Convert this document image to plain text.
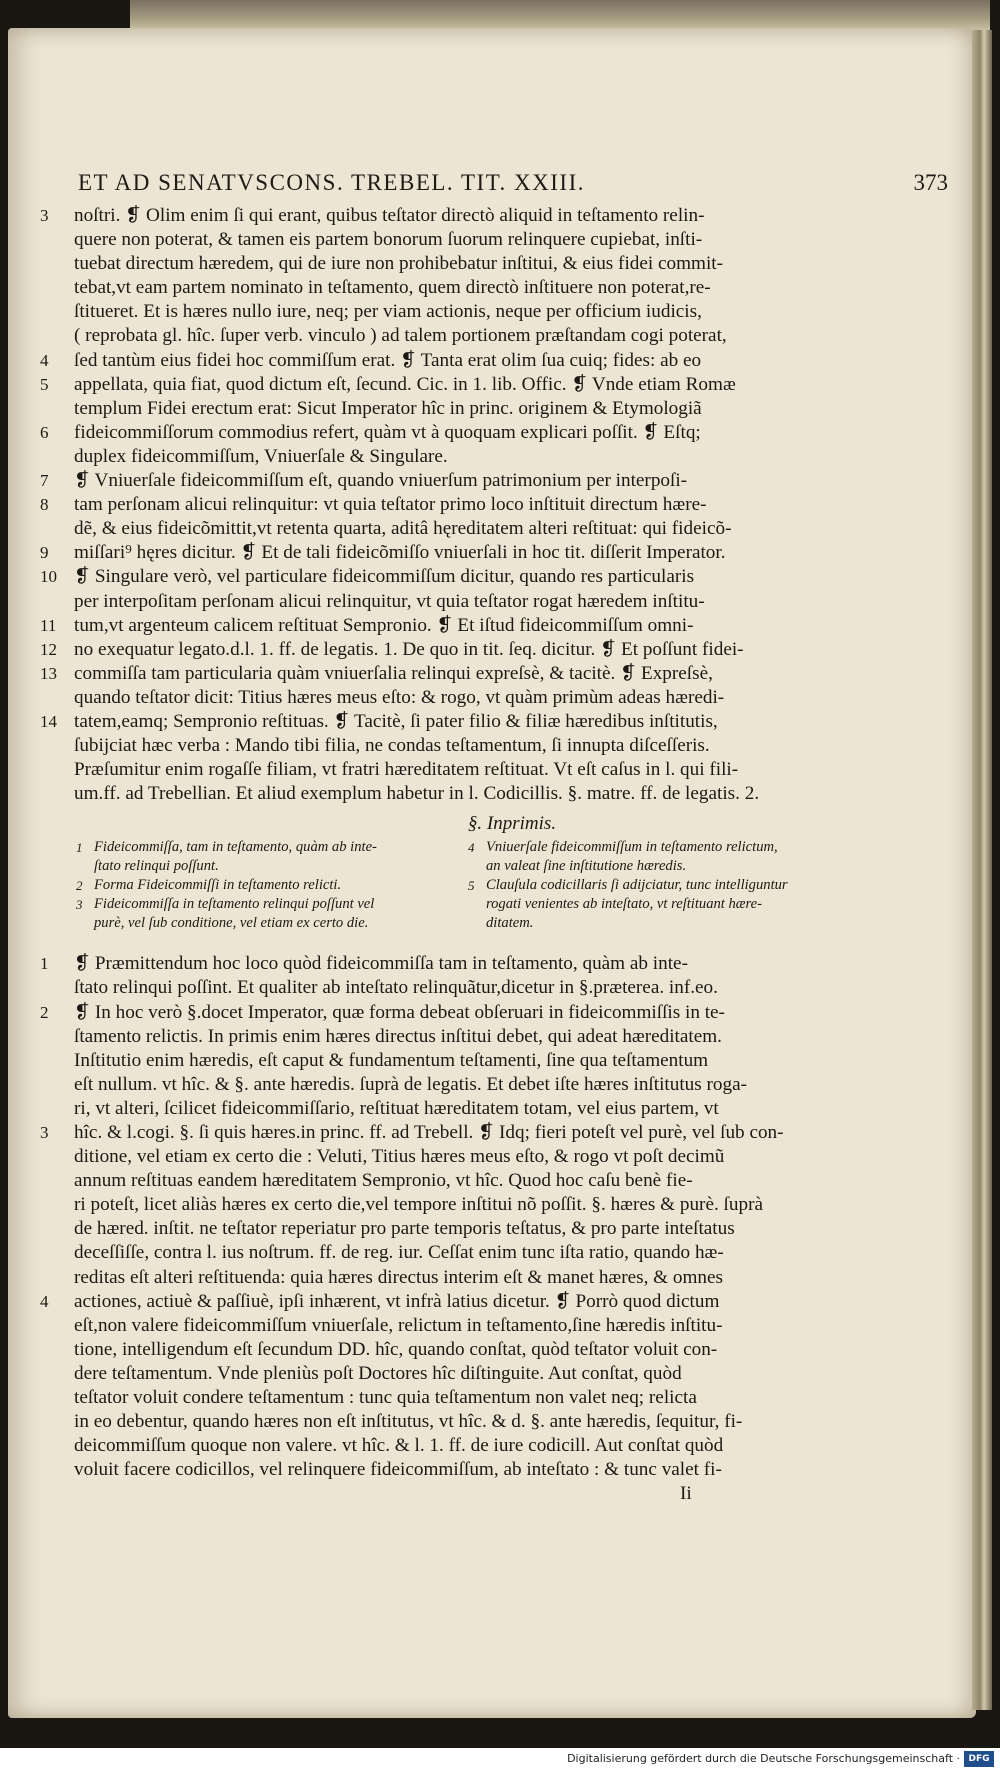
ET AD SENATVSCONS. TREBEL. TIT. XXIII.	373
3	noſtri. ❡ Olim enim ſi qui erant, quibus teſtator directò aliquid in teſtamento relin-
quere non poterat, & tamen eis partem bonorum ſuorum relinquere cupiebat, inſti-
tuebat directum hæredem, qui de iure non prohibebatur inſtitui, & eius fidei commit-
tebat,vt eam partem nominato in teſtamento, quem directò inſtituere non poterat,re-
ſtitueret. Et is hæres nullo iure, neq; per viam actionis, neque per officium iudicis,
( reprobata gl. hîc. ſuper verb. vinculo ) ad talem portionem præſtandam cogi poterat,
4	ſed tantùm eius fidei hoc commiſſum erat. ❡ Tanta erat olim ſua cuiq; fides: ab eo
5	appellata, quia fiat, quod dictum eſt, ſecund. Cic. in 1. lib. Offic. ❡ Vnde etiam Romæ
templum Fidei erectum erat: Sicut Imperator hîc in princ. originem & Etymologiã
6	fideicommiſſorum commodius refert, quàm vt à quoquam explicari poſſit. ❡ Eſtq;
duplex fideicommiſſum, Vniuerſale & Singulare.
7	❡ Vniuerſale fideicommiſſum eſt, quando vniuerſum patrimonium per interpoſi-
8	tam perſonam alicui relinquitur: vt quia teſtator primo loco inſtituit directum hære-
dẽ, & eius fideicõmittit,vt retenta quarta, aditâ hęreditatem alteri reſtituat: qui fideicõ-
9	miſſari⁹ hęres dicitur. ❡ Et de tali fideicõmiſſo vniuerſali in hoc tit. diſſerit Imperator.
10 ❡ Singulare verò, vel particulare fideicommiſſum dicitur, quando res particularis
per interpoſitam perſonam alicui relinquitur, vt quia teſtator rogat hæredem inſtitu-
11 tum,vt argenteum calicem reſtituat Sempronio. ❡ Et iſtud fideicommiſſum omni-
12 no exequatur legato.d.l. 1. ff. de legatis. 1. De quo in tit. ſeq. dicitur. ❡ Et poſſunt fidei-
13 commiſſa tam particularia quàm vniuerſalia relinqui expreſsè, & tacitè. ❡ Expreſsè,
quando teſtator dicit: Titius hæres meus eſto: & rogo, vt quàm primùm adeas hæredi-
14 tatem,eamq; Sempronio reſtituas. ❡ Tacitè, ſi pater filio & filiæ hæredibus inſtitutis,
ſubijciat hæc verba : Mando tibi filia, ne condas teſtamentum, ſi innupta diſceſſeris.
Præſumitur enim rogaſſe filiam, vt fratri hæreditatem reſtituat. Vt eſt caſus in l. qui fili-
um.ff. ad Trebellian. Et aliud exemplum habetur in l. Codicillis. §. matre. ff. de legatis. 2.
§. Inprimis.
1 Fideicommiſſa, tam in teſtamento, quàm ab inte-
ſtato relinqui poſſunt.
2 Forma Fideicommiſſi in teſtamento relicti.
3 Fideicommiſſa in teſtamento relinqui poſſunt vel
purè, vel ſub conditione, vel etiam ex certo die.
4 Vniuerſale fideicommiſſum in teſtamento relictum,
an valeat ſine inſtitutione hæredis.
5 Clauſula codicillaris ſi adijciatur, tunc intelliguntur
rogati venientes ab inteſtato, vt reſtituant hære-
ditatem.
1	❡ Præmittendum hoc loco quòd fideicommiſſa tam in teſtamento, quàm ab inte-
ſtato relinqui poſſint. Et qualiter ab inteſtato relinquãtur,dicetur in §.præterea. inf.eo.
2	❡ In hoc verò §.docet Imperator, quæ forma debeat obſeruari in fideicommiſſis in te-
ſtamento relictis. In primis enim hæres directus inſtitui debet, qui adeat hæreditatem.
Inſtitutio enim hæredis, eſt caput & fundamentum teſtamenti, ſine qua teſtamentum
eſt nullum. vt hîc. & §. ante hæredis. ſuprà de legatis. Et debet iſte hæres inſtitutus roga-
ri, vt alteri, ſcilicet fideicommiſſario, reſtituat hæreditatem totam, vel eius partem, vt
3	hîc. & l.cogi. §. ſi quis hæres.in princ. ff. ad Trebell. ❡ Idq; fieri poteſt vel purè, vel ſub con-
ditione, vel etiam ex certo die : Veluti, Titius hæres meus eſto, & rogo vt poſt decimũ
annum reſtituas eandem hæreditatem Sempronio, vt hîc. Quod hoc caſu benè fie-
ri poteſt, licet aliàs hæres ex certo die,vel tempore inſtitui nõ poſſit. §. hæres & purè. ſuprà
de hæred. inſtit. ne teſtator reperiatur pro parte temporis teſtatus, & pro parte inteſtatus
deceſſiſſe, contra l. ius noſtrum. ff. de reg. iur. Ceſſat enim tunc iſta ratio, quando hæ-
reditas eſt alteri reſtituenda: quia hæres directus interim eſt & manet hæres, & omnes
4	actiones, actiuè & paſſiuè, ipſi inhærent, vt infrà latius dicetur. ❡ Porrò quod dictum
eſt,non valere fideicommiſſum vniuerſale, relictum in teſtamento,ſine hæredis inſtitu-
tione, intelligendum eſt ſecundum DD. hîc, quando conſtat, quòd teſtator voluit con-
dere teſtamentum. Vnde pleniùs poſt Doctores hîc diſtinguite. Aut conſtat, quòd
teſtator voluit condere teſtamentum : tunc quia teſtamentum non valet neq; relicta
in eo debentur, quando hæres non eſt inſtitutus, vt hîc. & d. §. ante hæredis, ſequitur, fi-
deicommiſſum quoque non valere. vt hîc. & l. 1. ff. de iure codicill. Aut conſtat quòd
voluit facere codicillos, vel relinquere fideicommiſſum, ab inteſtato : & tunc valet fi-
Ii
Digitalisierung gefördert durch die Deutsche Forschungsgemeinschaft · DFG
